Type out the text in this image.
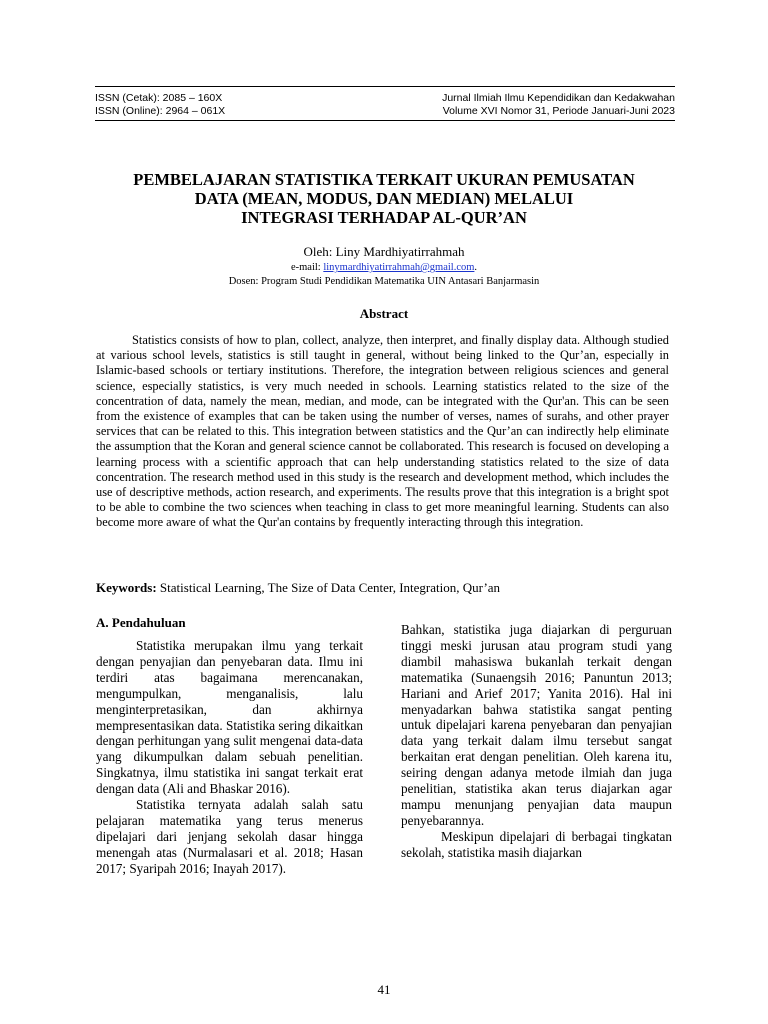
ISSN (Cetak): 2085 – 160X
ISSN (Online): 2964 – 061X
Jurnal Ilmiah Ilmu Kependidikan dan Kedakwahan
Volume XVI Nomor 31, Periode Januari-Juni 2023
PEMBELAJARAN STATISTIKA TERKAIT UKURAN PEMUSATAN
DATA (MEAN, MODUS, DAN MEDIAN) MELALUI
INTEGRASI TERHADAP AL-QUR’AN
Oleh: Liny Mardhiyatirrahmah
e-mail: linymardhiyatirrahmah@gmail.com.
Dosen: Program Studi Pendidikan Matematika UIN Antasari Banjarmasin
Abstract

Statistics consists of how to plan, collect, analyze, then interpret, and finally display data. Although studied at various school levels, statistics is still taught in general, without being linked to the Qur’an, especially in Islamic-based schools or tertiary institutions. Therefore, the integration between religious sciences and general science, especially statistics, is very much needed in schools. Learning statistics related to the size of the concentration of data, namely the mean, median, and mode, can be integrated with the Qur'an. This can be seen from the existence of examples that can be taken using the number of verses, names of surahs, and other prayer services that can be related to this. This integration between statistics and the Qur’an can indirectly help eliminate the assumption that the Koran and general science cannot be collaborated. This research is focused on developing a learning process with a scientific approach that can help understanding statistics related to the size of data concentration. The research method used in this study is the research and development method, which includes the use of descriptive methods, action research, and experiments. The results prove that this integration is a bright spot to be able to combine the two sciences when teaching in class to get more meaningful learning. Students can also become more aware of what the Qur'an contains by frequently interacting through this integration.

Keywords: Statistical Learning, The Size of Data Center, Integration, Qur’an
A. Pendahuluan

Statistika merupakan ilmu yang terkait dengan penyajian dan penyebaran data. Ilmu ini terdiri atas bagaimana merencanakan, mengumpulkan, menganalisis, lalu menginterpretasikan, dan akhirnya mempresentasikan data. Statistika sering dikaitkan dengan perhitungan yang sulit mengenai data-data yang dikumpulkan dalam sebuah penelitian. Singkatnya, ilmu statistika ini sangat terkait erat dengan data (Ali and Bhaskar 2016).

Statistika ternyata adalah salah satu pelajaran matematika yang terus menerus dipelajari dari jenjang sekolah dasar hingga menengah atas (Nurmalasari et al. 2018; Hasan 2017; Syaripah 2016; Inayah 2017).

Bahkan, statistika juga diajarkan di perguruan tinggi meski jurusan atau program studi yang diambil mahasiswa bukanlah terkait dengan matematika (Sunaengsih 2016; Panuntun 2013; Hariani and Arief 2017; Yanita 2016). Hal ini menyadarkan bahwa statistika sangat penting untuk dipelajari karena penyebaran dan penyajian data yang terkait dalam ilmu tersebut sangat berkaitan erat dengan penelitian. Oleh karena itu, seiring dengan adanya metode ilmiah dan juga penelitian, statistika akan terus diajarkan agar mampu menunjang penyajian data maupun penyebarannya.

Meskipun dipelajari di berbagai tingkatan sekolah, statistika masih diajarkan

41
